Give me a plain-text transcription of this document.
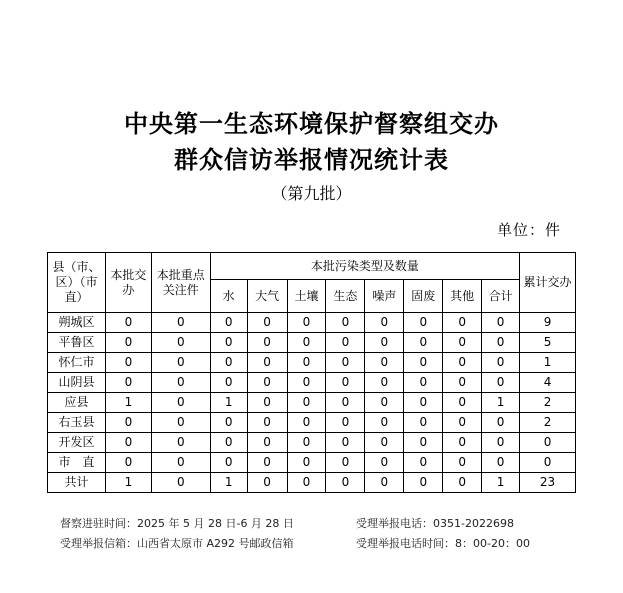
中央第一生态环境保护督察组交办
群众信访举报情况统计表
（第九批）
单位：件
县（市、区）（市直）	本批交办	本批重点关注件	本批污染类型及数量								累计交办
			水	大气	土壤	生态	噪声	固废	其他	合计	
朔城区	0	0	0	0	0	0	0	0	0	0	9
平鲁区	0	0	0	0	0	0	0	0	0	0	5
怀仁市	0	0	0	0	0	0	0	0	0	0	1
山阴县	0	0	0	0	0	0	0	0	0	0	4
应县	1	0	1	0	0	0	0	0	0	1	2
右玉县	0	0	0	0	0	0	0	0	0	0	2
开发区	0	0	0	0	0	0	0	0	0	0	0
市　直	0	0	0	0	0	0	0	0	0	0	0
共计	1	0	1	0	0	0	0	0	0	1	23
督察进驻时间：2025 年 5 月 28 日-6 月 28 日	受理举报电话：0351-2022698
受理举报信箱：山西省太原市 A292 号邮政信箱	受理举报电话时间：8：00-20：00
